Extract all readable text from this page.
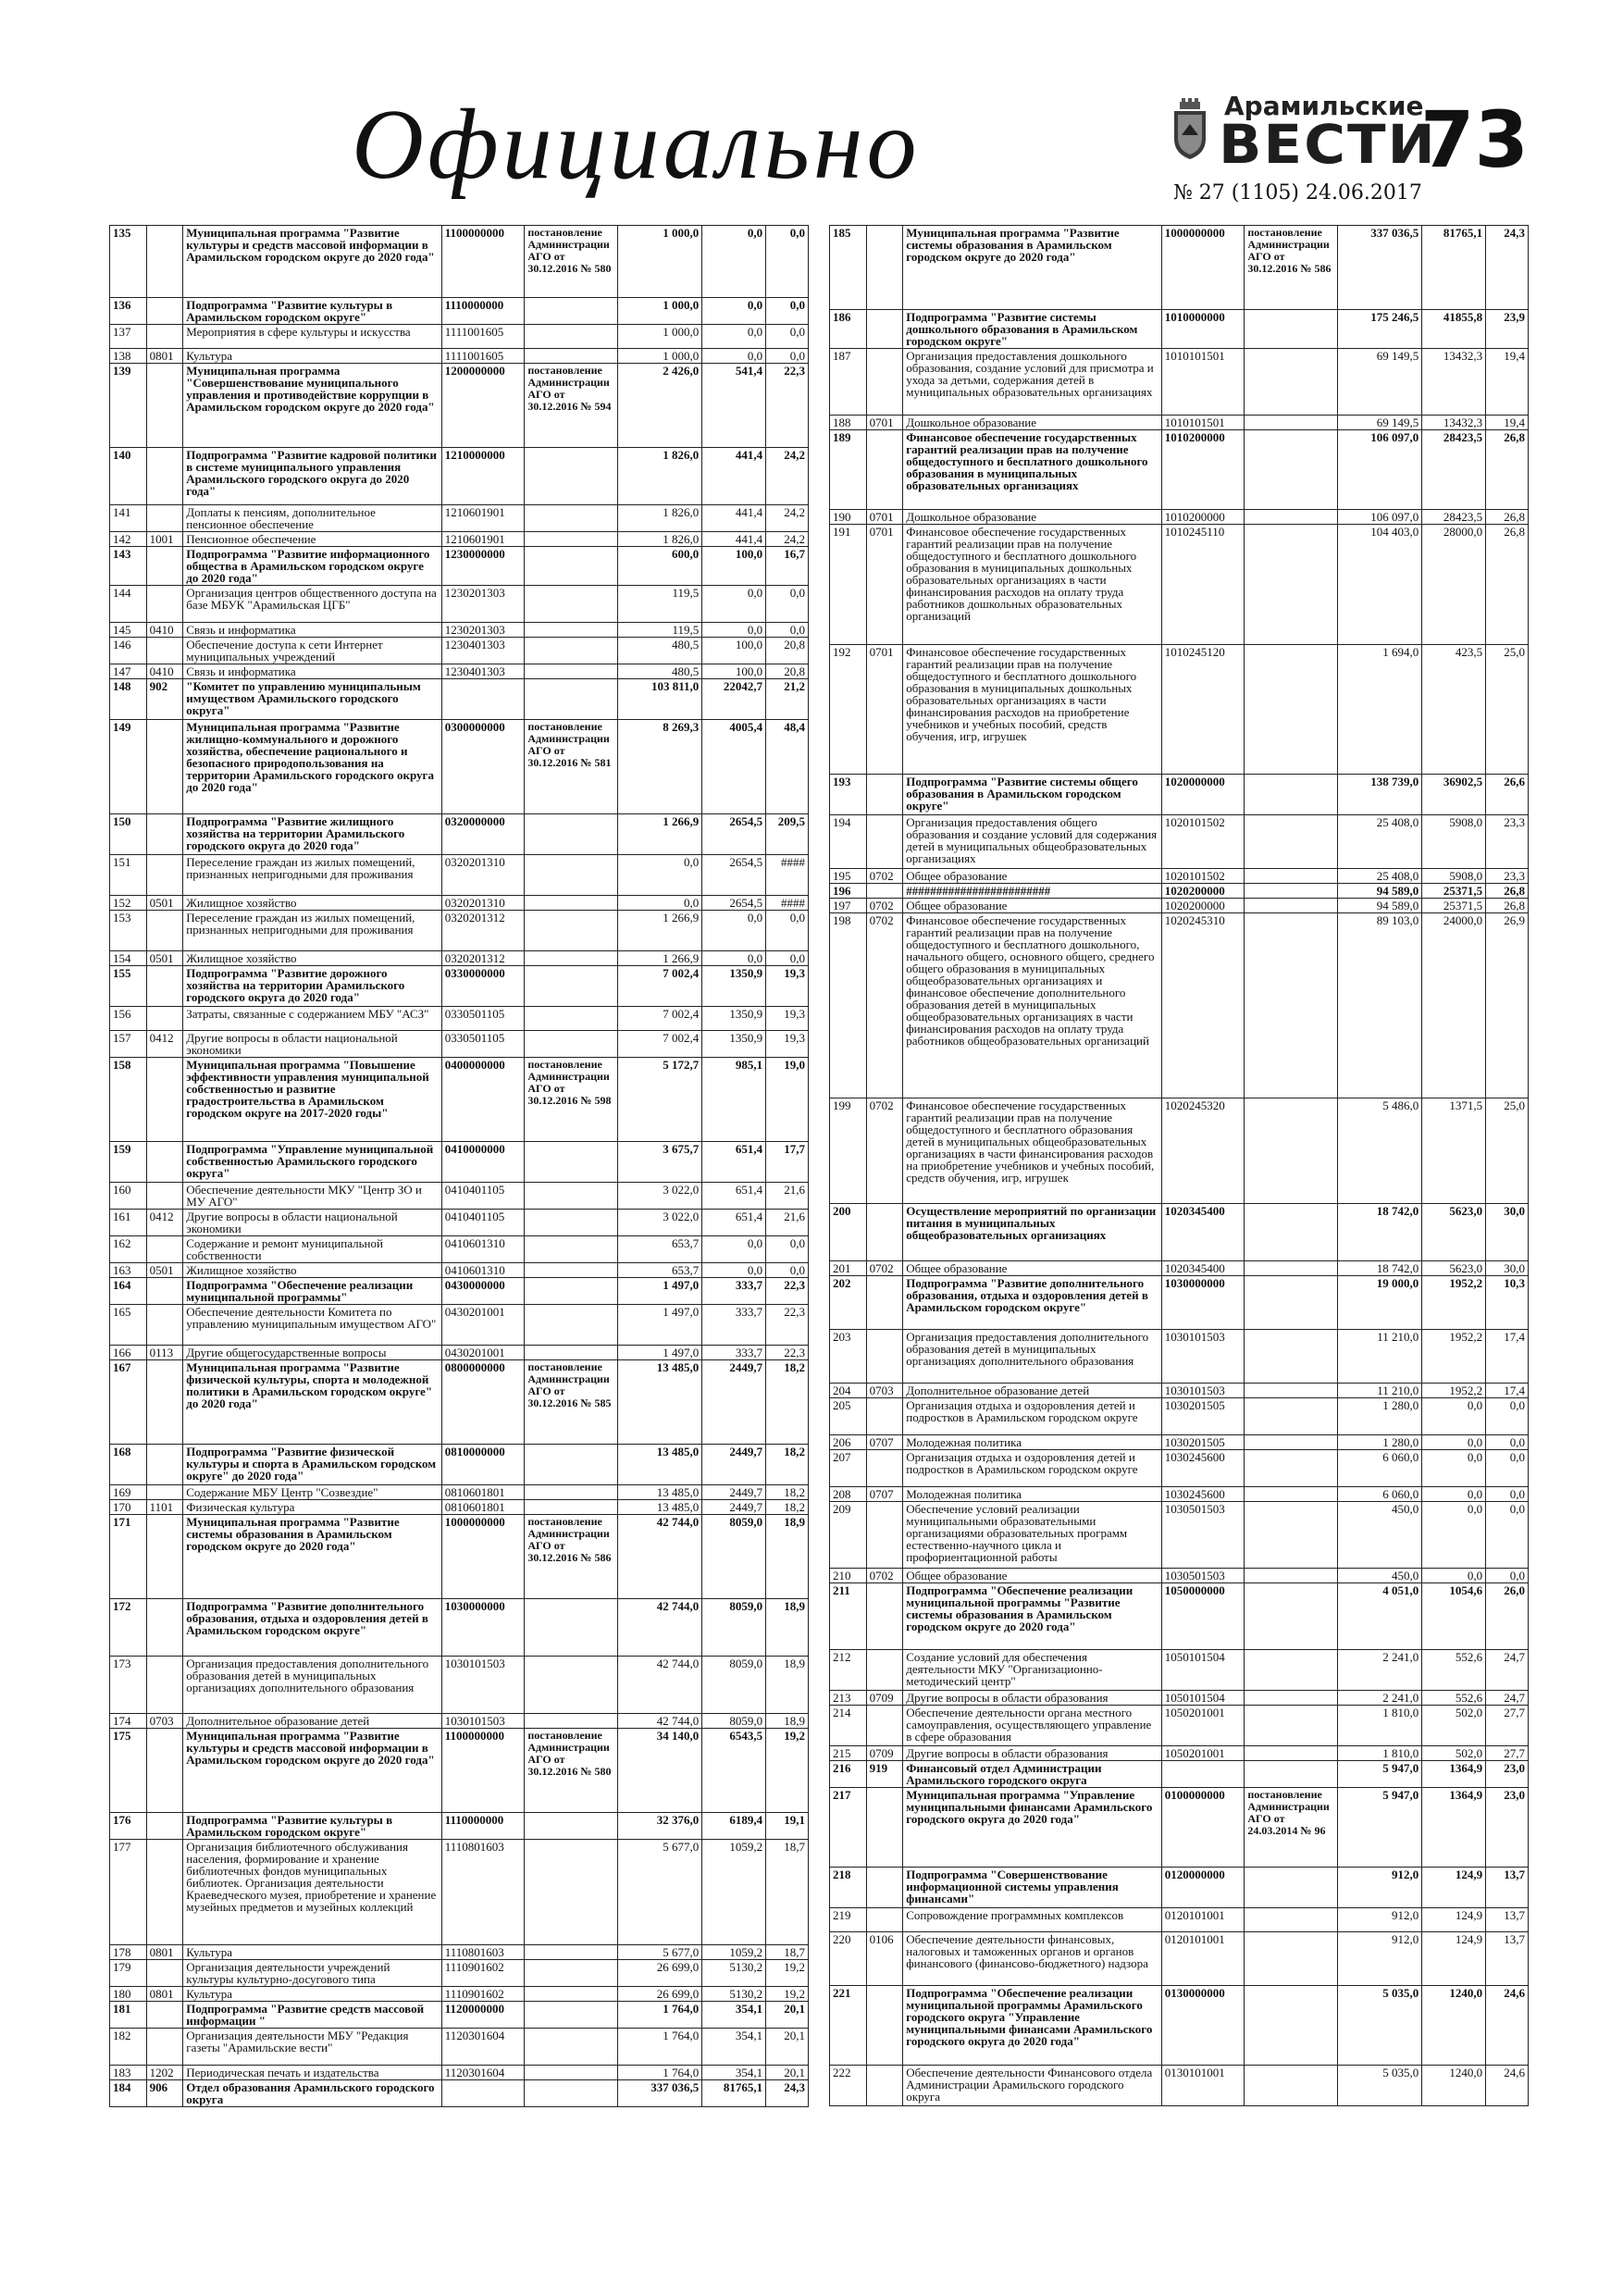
Официально	Арамильские
ВЕСТИ
73
№ 27 (1105) 24.06.2017
135		Муниципальная программа "Развитие культуры и средств массовой информации в Арамильском городском округе до 2020 года"	1100000000	постановление Администрации АГО от 30.12.2016 № 580	1 000,0	0,0	0,0
136		Подпрограмма "Развитие культуры в Арамильском городском округе"	1110000000		1 000,0	0,0	0,0
137		Мероприятия в сфере культуры и искусства	1111001605		1 000,0	0,0	0,0
138	0801	Культура	1111001605		1 000,0	0,0	0,0
139		Муниципальная программа "Совершенствование муниципального управления и противодействие коррупции в Арамильском городском округе до 2020 года"	1200000000	постановление Администрации АГО от 30.12.2016 № 594	2 426,0	541,4	22,3
140		Подпрограмма "Развитие кадровой политики в системе муниципального управления Арамильского городского округа до 2020 года"	1210000000		1 826,0	441,4	24,2
141		Доплаты к пенсиям, дополнительное пенсионное обеспечение	1210601901		1 826,0	441,4	24,2
142	1001	Пенсионное обеспечение	1210601901		1 826,0	441,4	24,2
143		Подпрограмма "Развитие информационного общества в Арамильском городском округе до 2020 года"	1230000000		600,0	100,0	16,7
144		Организация центров общественного доступа на базе МБУК "Арамильская ЦГБ"	1230201303		119,5	0,0	0,0
145	0410	Связь и информатика	1230201303		119,5	0,0	0,0
146		Обеспечение доступа к сети Интернет муниципальных учреждений	1230401303		480,5	100,0	20,8
147	0410	Связь и информатика	1230401303		480,5	100,0	20,8
148	902	"Комитет по управлению муниципальным имуществом Арамильского городского округа"			103 811,0	22042,7	21,2
149		Муниципальная программа "Развитие жилищно-коммунального и дорожного хозяйства, обеспечение рационального и безопасного природопользования на территории Арамильского городского округа до 2020 года"	0300000000	постановление Администрации АГО от 30.12.2016 № 581	8 269,3	4005,4	48,4
150		Подпрограмма "Развитие жилищного хозяйства на территории Арамильского городского округа до 2020 года"	0320000000		1 266,9	2654,5	209,5
151		Переселение граждан из жилых помещений, признанных непригодными для проживания	0320201310		0,0	2654,5	####
152	0501	Жилищное хозяйство	0320201310		0,0	2654,5	####
153		Переселение граждан из жилых помещений, признанных непригодными для проживания	0320201312		1 266,9	0,0	0,0
154	0501	Жилищное хозяйство	0320201312		1 266,9	0,0	0,0
155		Подпрограмма "Развитие дорожного хозяйства на территории Арамильского городского округа до 2020 года"	0330000000		7 002,4	1350,9	19,3
156		Затраты, связанные с содержанием МБУ "АСЗ"	0330501105		7 002,4	1350,9	19,3
157	0412	Другие вопросы в области национальной экономики	0330501105		7 002,4	1350,9	19,3
158		Муниципальная программа "Повышение эффективности управления муниципальной собственностью и развитие градостроительства в Арамильском городском округе на 2017-2020 годы"	0400000000	постановление Администрации АГО от 30.12.2016 № 598	5 172,7	985,1	19,0
159		Подпрограмма "Управление муниципальной собственностью Арамильского городского округа"	0410000000		3 675,7	651,4	17,7
160		Обеспечение деятельности МКУ "Центр ЗО и МУ АГО"	0410401105		3 022,0	651,4	21,6
161	0412	Другие вопросы в области национальной экономики	0410401105		3 022,0	651,4	21,6
162		Содержание и ремонт муниципальной собственности	0410601310		653,7	0,0	0,0
163	0501	Жилищное хозяйство	0410601310		653,7	0,0	0,0
164		Подпрограмма "Обеспечение реализации муниципальной программы"	0430000000		1 497,0	333,7	22,3
165		Обеспечение деятельности Комитета по управлению муниципальным имуществом АГО"	0430201001		1 497,0	333,7	22,3
166	0113	Другие общегосударственные вопросы	0430201001		1 497,0	333,7	22,3
167		Муниципальная программа "Развитие физической культуры, спорта и молодежной политики в Арамильском городском округе" до 2020 года"	0800000000	постановление Администрации АГО от 30.12.2016 № 585	13 485,0	2449,7	18,2
168		Подпрограмма "Развитие физической культуры и спорта в Арамильском городском округе" до 2020 года"	0810000000		13 485,0	2449,7	18,2
169		Содержание МБУ Центр "Созвездие"	0810601801		13 485,0	2449,7	18,2
170	1101	Физическая культура	0810601801		13 485,0	2449,7	18,2
171		Муниципальная программа "Развитие системы образования в Арамильском городском округе до 2020 года"	1000000000	постановление Администрации АГО от 30.12.2016 № 586	42 744,0	8059,0	18,9
172		Подпрограмма "Развитие дополнительного образования, отдыха и оздоровления детей в Арамильском городском округе"	1030000000		42 744,0	8059,0	18,9
173		Организация предоставления дополнительного образования детей в муниципальных организациях дополнительного образования	1030101503		42 744,0	8059,0	18,9
174	0703	Дополнительное образование детей	1030101503		42 744,0	8059,0	18,9
175		Муниципальная программа "Развитие культуры и средств массовой информации в Арамильском городском округе до 2020 года"	1100000000	постановление Администрации АГО от 30.12.2016 № 580	34 140,0	6543,5	19,2
176		Подпрограмма "Развитие культуры в Арамильском городском округе"	1110000000		32 376,0	6189,4	19,1
177		Организация библиотечного обслуживания населения, формирование и хранение библиотечных фондов муниципальных библиотек. Организация деятельности Краеведческого музея, приобретение и хранение музейных предметов и музейных коллекций	1110801603		5 677,0	1059,2	18,7
178	0801	Культура	1110801603		5 677,0	1059,2	18,7
179		Организация деятельности учреждений культуры культурно-досугового типа	1110901602		26 699,0	5130,2	19,2
180	0801	Культура	1110901602		26 699,0	5130,2	19,2
181		Подпрограмма "Развитие средств массовой информации "	1120000000		1 764,0	354,1	20,1
182		Организация деятельности МБУ "Редакция газеты "Арамильские вести"	1120301604		1 764,0	354,1	20,1
183	1202	Периодическая печать и издательства	1120301604		1 764,0	354,1	20,1
184	906	Отдел образования Арамильского городского округа			337 036,5	81765,1	24,3
185		Муниципальная программа "Развитие системы образования в Арамильском городском округе до 2020 года"	1000000000	постановление Администрации АГО от 30.12.2016 № 586	337 036,5	81765,1	24,3
186		Подпрограмма "Развитие системы дошкольного образования в Арамильском городском округе"	1010000000		175 246,5	41855,8	23,9
187		Организация предоставления дошкольного образования, создание условий для присмотра и ухода за детьми, содержания детей в муниципальных образовательных организациях	1010101501		69 149,5	13432,3	19,4
188	0701	Дошкольное образование	1010101501		69 149,5	13432,3	19,4
189		Финансовое обеспечение государственных гарантий реализации прав на получение общедоступного и бесплатного дошкольного образования в муниципальных образовательных организациях	1010200000		106 097,0	28423,5	26,8
190	0701	Дошкольное образование	1010200000		106 097,0	28423,5	26,8
191	0701	Финансовое обеспечение государственных гарантий реализации прав на получение общедоступного и бесплатного дошкольного образования в муниципальных дошкольных образовательных организациях в части финансирования расходов на оплату труда работников дошкольных образовательных организаций	1010245110		104 403,0	28000,0	26,8
192	0701	Финансовое обеспечение государственных гарантий реализации прав на получение общедоступного и бесплатного дошкольного образования в муниципальных дошкольных образовательных организациях в части финансирования расходов на приобретение учебников и учебных пособий, средств обучения, игр, игрушек	1010245120		1 694,0	423,5	25,0
193		Подпрограмма "Развитие системы общего образования в Арамильском городском округе"	1020000000		138 739,0	36902,5	26,6
194		Организация предоставления общего образования и создание условий для содержания детей в муниципальных общеобразовательных организациях	1020101502		25 408,0	5908,0	23,3
195	0702	Общее образование	1020101502		25 408,0	5908,0	23,3
196		########################	1020200000		94 589,0	25371,5	26,8
197	0702	Общее образование	1020200000		94 589,0	25371,5	26,8
198	0702	Финансовое обеспечение государственных гарантий реализации прав на получение общедоступного и бесплатного дошкольного, начального общего, основного общего, среднего общего образования в муниципальных общеобразовательных организациях и финансовое обеспечение дополнительного образования детей в муниципальных общеобразовательных организациях в части финансирования расходов на оплату труда работников общеобразовательных организаций	1020245310		89 103,0	24000,0	26,9
199	0702	Финансовое обеспечение государственных гарантий реализации прав на получение общедоступного и бесплатного образования детей в муниципальных общеобразовательных организациях в части финансирования расходов на приобретение учебников и учебных пособий, средств обучения, игр, игрушек	1020245320		5 486,0	1371,5	25,0
200		Осуществление мероприятий по организации питания в муниципальных общеобразовательных организациях	1020345400		18 742,0	5623,0	30,0
201	0702	Общее образование	1020345400		18 742,0	5623,0	30,0
202		Подпрограмма "Развитие дополнительного образования, отдыха и оздоровления детей в Арамильском городском округе"	1030000000		19 000,0	1952,2	10,3
203		Организация предоставления дополнительного образования детей в муниципальных организациях дополнительного образования	1030101503		11 210,0	1952,2	17,4
204	0703	Дополнительное образование детей	1030101503		11 210,0	1952,2	17,4
205		Организация отдыха и оздоровления детей и подростков в Арамильском городском округе	1030201505		1 280,0	0,0	0,0
206	0707	Молодежная политика	1030201505		1 280,0	0,0	0,0
207		Организация отдыха и оздоровления детей и подростков в Арамильском городском округе	1030245600		6 060,0	0,0	0,0
208	0707	Молодежная политика	1030245600		6 060,0	0,0	0,0
209		Обеспечение условий реализации муниципальными образовательными организациями образовательных программ естественно-научного цикла и профориентационной работы	1030501503		450,0	0,0	0,0
210	0702	Общее образование	1030501503		450,0	0,0	0,0
211		Подпрограмма "Обеспечение реализации муниципальной программы "Развитие системы образования в Арамильском городском округе до 2020 года"	1050000000		4 051,0	1054,6	26,0
212		Создание условий для обеспечения деятельности МКУ "Организационно-методический центр"	1050101504		2 241,0	552,6	24,7
213	0709	Другие вопросы в области образования	1050101504		2 241,0	552,6	24,7
214		Обеспечение деятельности органа местного самоуправления, осуществляющего управление в сфере образования	1050201001		1 810,0	502,0	27,7
215	0709	Другие вопросы в области образования	1050201001		1 810,0	502,0	27,7
216	919	Финансовый отдел Администрации Арамильского городского округа			5 947,0	1364,9	23,0
217		Муниципальная программа "Управление муниципальными финансами Арамильского городского округа до 2020 года"	0100000000	постановление Администрации АГО от 24.03.2014 № 96	5 947,0	1364,9	23,0
218		Подпрограмма "Совершенствование информационной системы управления финансами"	0120000000		912,0	124,9	13,7
219		Сопровождение программных комплексов	0120101001		912,0	124,9	13,7
220	0106	Обеспечение деятельности финансовых, налоговых и таможенных органов и органов финансового (финансово-бюджетного) надзора	0120101001		912,0	124,9	13,7
221		Подпрограмма "Обеспечение реализации муниципальной программы Арамильского городского округа "Управление муниципальными финансами Арамильского городского округа до 2020 года"	0130000000		5 035,0	1240,0	24,6
222		Обеспечение деятельности Финансового отдела Администрации Арамильского городского округа	0130101001		5 035,0	1240,0	24,6
